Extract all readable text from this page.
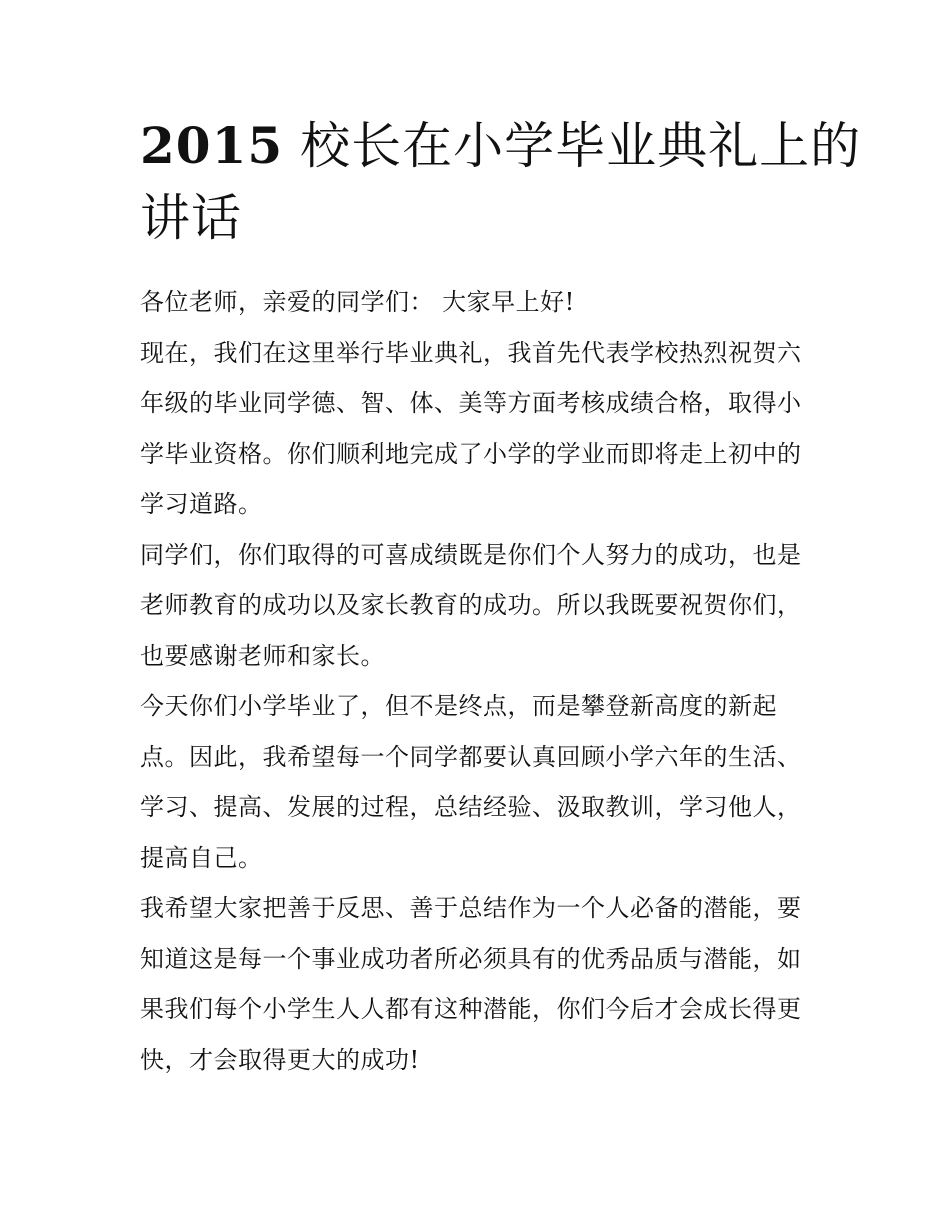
2015 校长在小学毕业典礼上的
讲话

各位老师，亲爱的同学们： 大家早上好!

现在，我们在这里举行毕业典礼，我首先代表学校热烈祝贺六
年级的毕业同学德、智、体、美等方面考核成绩合格，取得小
学毕业资格。你们顺利地完成了小学的学业而即将走上初中的
学习道路。

同学们，你们取得的可喜成绩既是你们个人努力的成功，也是
老师教育的成功以及家长教育的成功。所以我既要祝贺你们，
也要感谢老师和家长。

今天你们小学毕业了，但不是终点，而是攀登新高度的新起
点。因此，我希望每一个同学都要认真回顾小学六年的生活、
学习、提高、发展的过程，总结经验、汲取教训，学习他人，
提高自己。

我希望大家把善于反思、善于总结作为一个人必备的潜能，要
知道这是每一个事业成功者所必须具有的优秀品质与潜能，如
果我们每个小学生人人都有这种潜能，你们今后才会成长得更
快，才会取得更大的成功!
